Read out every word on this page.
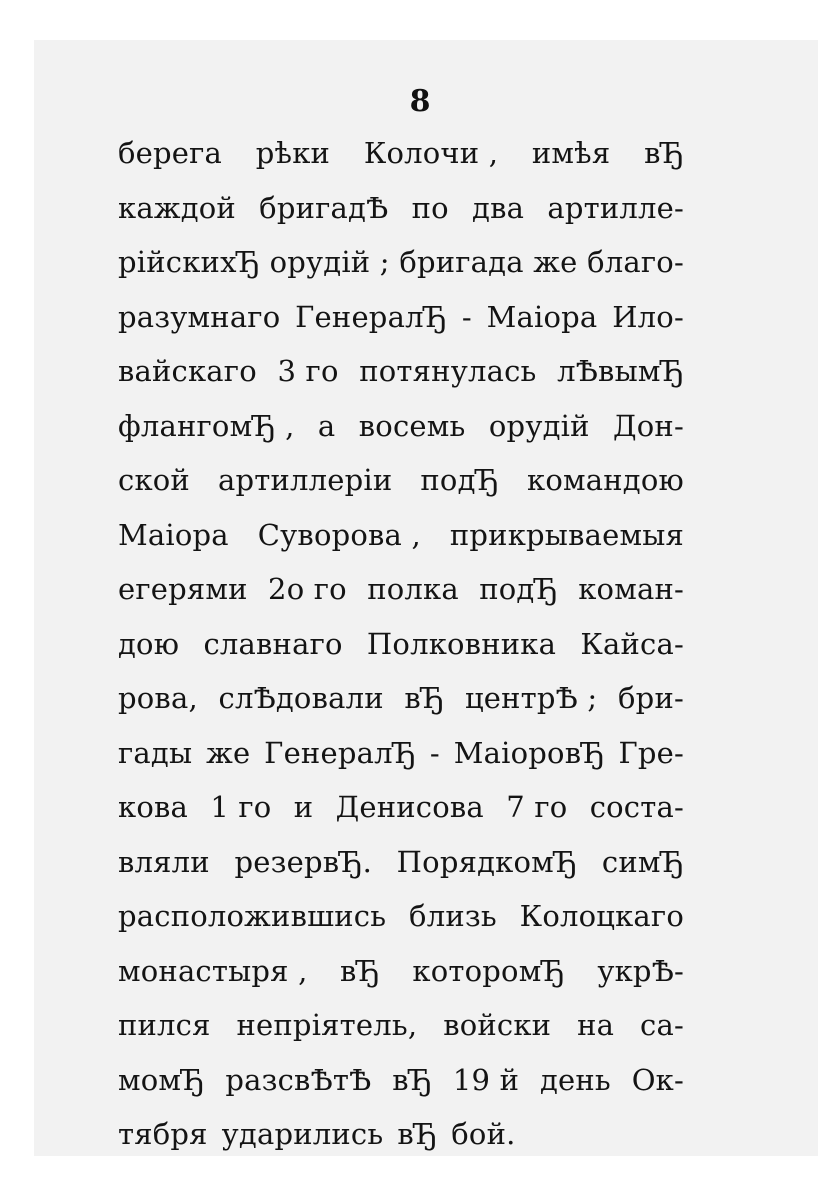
8
берега рѣки Колочи , имѣя вЂ
каждой бригадѢ по два артилле-
рійскихЂ орудій ; бригада же благо-
разумнаго ГенералЂ - Маіора Ило-
вайскаго 3 го потянулась лѢвымЂ
флангомЂ , а восемь орудій Дон-
ской артиллеріи подЂ командою
Маіора Суворова , прикрываемыя
егерями 2о го полка подЂ коман-
дою славнаго Полковника Кайса-
рова, слѢдовали вЂ центрѢ ; бри-
гады же ГенералЂ - МаіоровЂ Гре-
кова 1 го и Денисова 7 го соста-
вляли резервЂ. ПорядкомЂ симЂ
расположившись близь Колоцкаго
монастыря , вЂ которомЂ укрѢ-
пился непріятель, войски на са-
момЂ разсвѢтѢ вЂ 19 й день Ок-
тября ударились вЂ бой.
